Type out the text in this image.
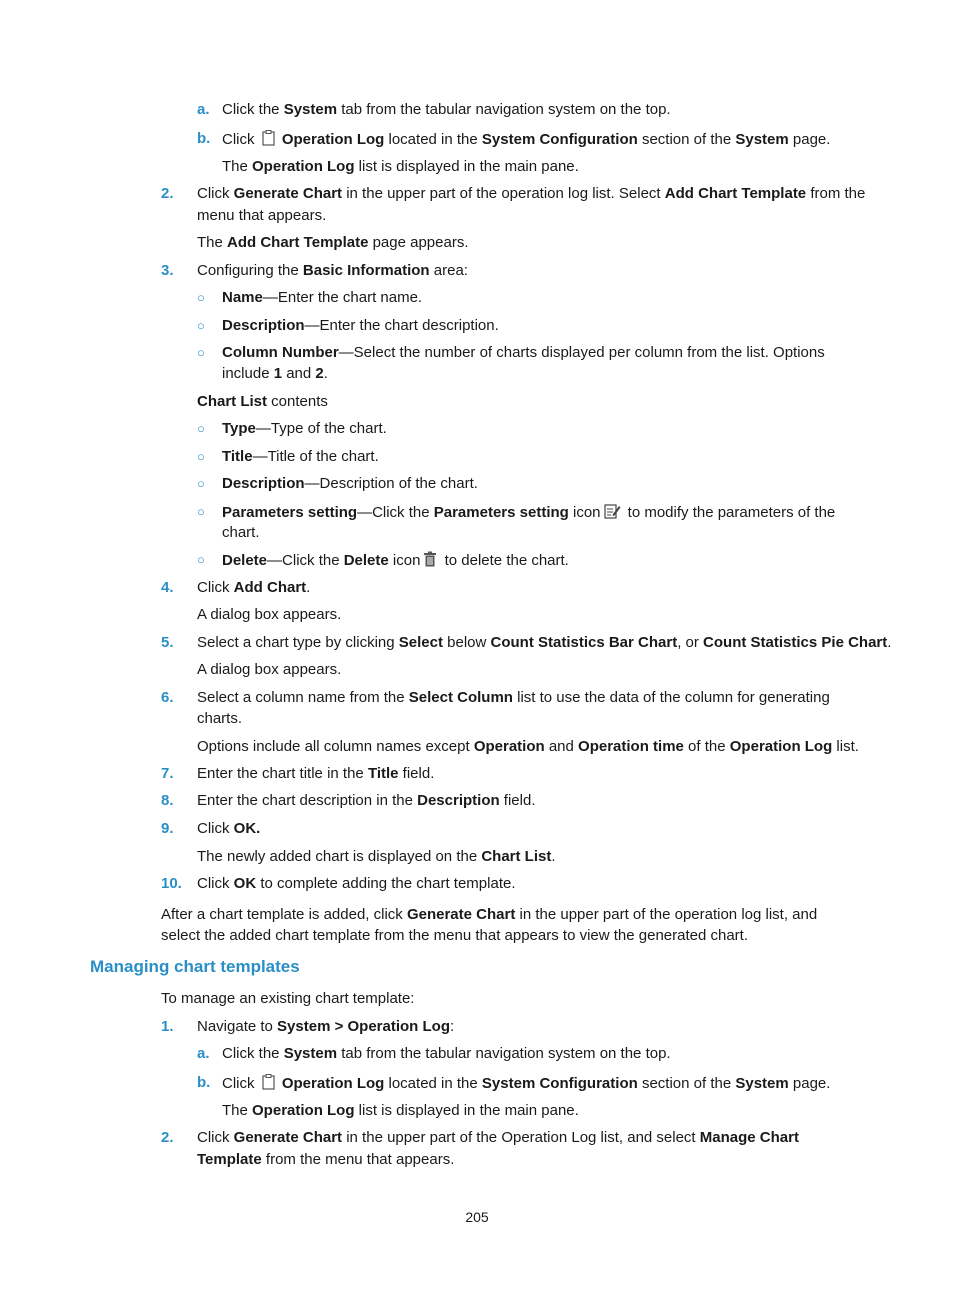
a. Click the System tab from the tabular navigation system on the top.
b. Click  Operation Log located in the System Configuration section of the System page.
The Operation Log list is displayed in the main pane.
2. Click Generate Chart in the upper part of the operation log list. Select Add Chart Template from the
menu that appears.
The Add Chart Template page appears.
3. Configuring the Basic Information area:
○ Name—Enter the chart name.
○ Description—Enter the chart description.
○ Column Number—Select the number of charts displayed per column from the list. Options
include 1 and 2.
Chart List contents
○ Type—Type of the chart.
○ Title—Title of the chart.
○ Description—Description of the chart.
○ Parameters setting—Click the Parameters setting icon to modify the parameters of the
chart.
○ Delete—Click the Delete icon to delete the chart.
4. Click Add Chart.
A dialog box appears.
5. Select a chart type by clicking Select below Count Statistics Bar Chart, or Count Statistics Pie Chart.
A dialog box appears.
6. Select a column name from the Select Column list to use the data of the column for generating
charts.
Options include all column names except Operation and Operation time of the Operation Log list.
7. Enter the chart title in the Title field.
8. Enter the chart description in the Description field.
9. Click OK.
The newly added chart is displayed on the Chart List.
10. Click OK to complete adding the chart template.
After a chart template is added, click Generate Chart in the upper part of the operation log list, and
select the added chart template from the menu that appears to view the generated chart.
Managing chart templates
To manage an existing chart template:
1. Navigate to System > Operation Log:
a. Click the System tab from the tabular navigation system on the top.
b. Click  Operation Log located in the System Configuration section of the System page.
The Operation Log list is displayed in the main pane.
2. Click Generate Chart in the upper part of the Operation Log list, and select Manage Chart
Template from the menu that appears.
205
